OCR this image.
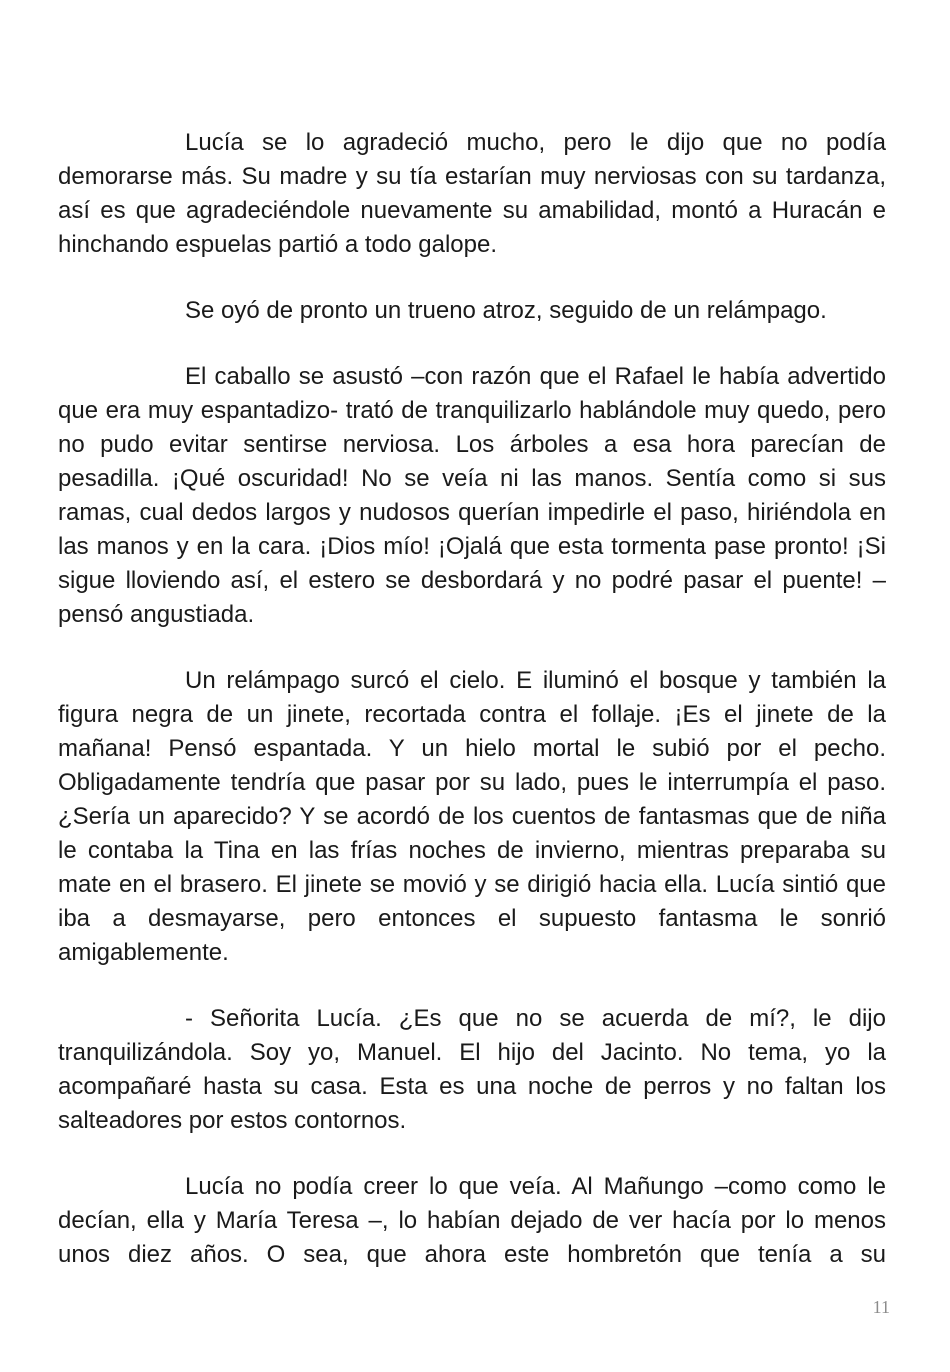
Lucía se lo agradeció mucho, pero le dijo que no podía demorarse más. Su madre y su tía estarían muy nerviosas con su tardanza, así es que agradeciéndole nuevamente su amabilidad, montó a Huracán e hinchando espuelas partió a todo galope.

Se oyó de pronto un trueno atroz, seguido de un relámpago.

El caballo se asustó –con razón que el Rafael le había advertido que era muy espantadizo- trató de tranquilizarlo hablándole muy quedo, pero no pudo evitar sentirse nerviosa. Los árboles a esa hora parecían de pesadilla. ¡Qué oscuridad! No se veía ni las manos. Sentía como si sus ramas, cual dedos largos y nudosos querían impedirle el paso, hiriéndola en las manos y en la cara. ¡Dios mío! ¡Ojalá que esta tormenta pase pronto! ¡Si sigue lloviendo así, el estero se desbordará y no podré pasar el puente! –pensó angustiada.

Un relámpago surcó el cielo. E iluminó el bosque y también la figura negra de un jinete, recortada contra el follaje. ¡Es el jinete de la mañana! Pensó espantada. Y un hielo mortal le subió por el pecho. Obligadamente tendría que pasar por su lado, pues le interrumpía el paso. ¿Sería un aparecido? Y se acordó de los cuentos de fantasmas que de niña le contaba la Tina en las frías noches de invierno, mientras preparaba su mate en el brasero. El jinete se movió y se dirigió hacia ella. Lucía sintió que iba a desmayarse, pero entonces el supuesto fantasma le sonrió amigablemente.

- Señorita Lucía. ¿Es que no se acuerda de mí?, le dijo tranquilizándola. Soy yo, Manuel. El hijo del Jacinto. No tema, yo la acompañaré hasta su casa. Esta es una noche de perros y no faltan los salteadores por estos contornos.

Lucía no podía creer lo que veía. Al Mañungo –como como le decían, ella y María Teresa –, lo habían dejado de ver hacía por lo menos unos diez años. O sea, que ahora este hombretón que tenía a su

11
